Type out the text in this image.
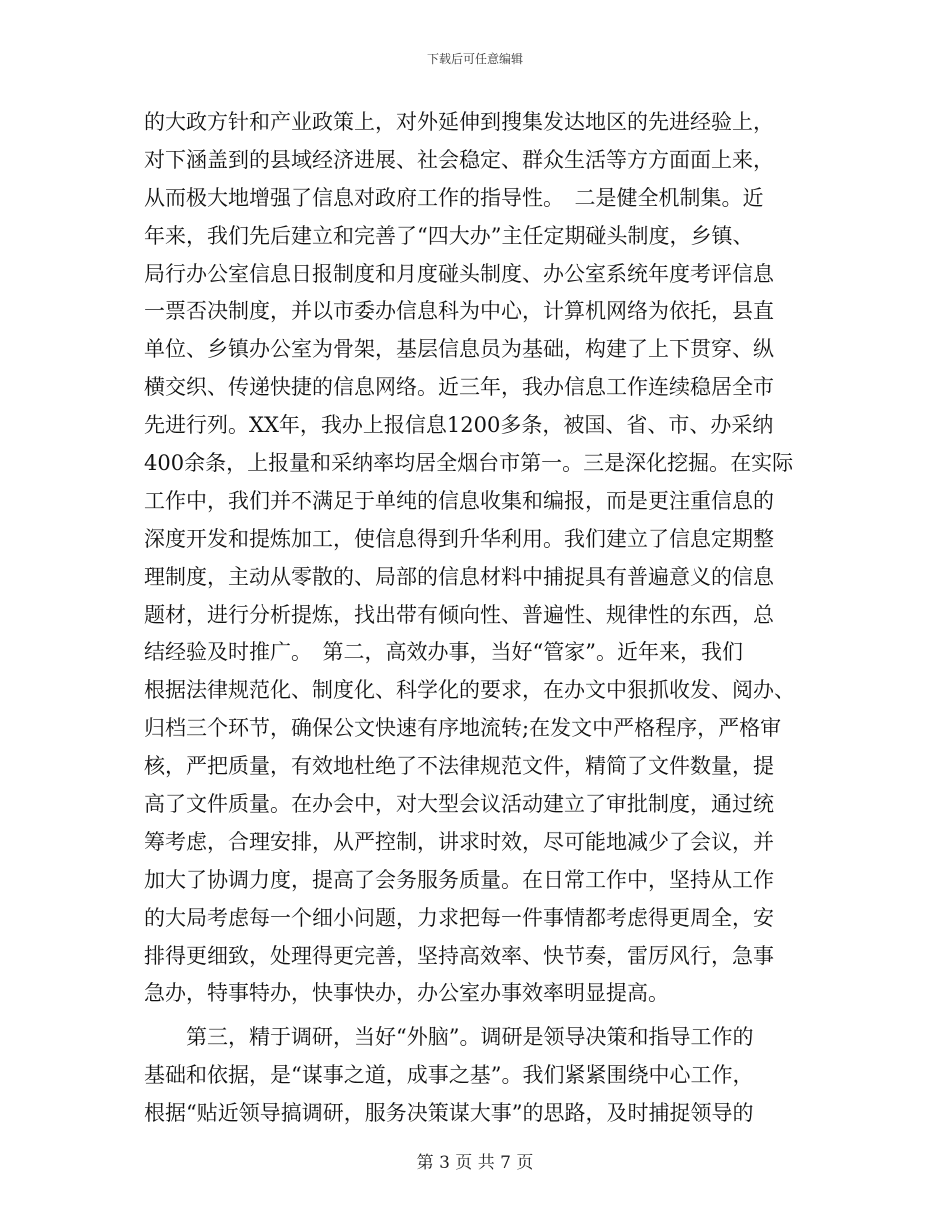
下载后可任意编辑
的大政方针和产业政策上，对外延伸到搜集发达地区的先进经验上，
对下涵盖到的县域经济进展、社会稳定、群众生活等方方面面上来，
从而极大地增强了信息对政府工作的指导性。　二是健全机制集。近
年来，我们先后建立和完善了“四大办”主任定期碰头制度，乡镇、
局行办公室信息日报制度和月度碰头制度、办公室系统年度考评信息
一票否决制度，并以市委办信息科为中心，计算机网络为依托，县直
单位、乡镇办公室为骨架，基层信息员为基础，构建了上下贯穿、纵
横交织、传递快捷的信息网络。近三年，我办信息工作连续稳居全市
先进行列。XX年，我办上报信息1200多条，被国、省、市、办采纳
400余条，上报量和采纳率均居全烟台市第一。三是深化挖掘。在实际
工作中，我们并不满足于单纯的信息收集和编报，而是更注重信息的
深度开发和提炼加工，使信息得到升华利用。我们建立了信息定期整
理制度，主动从零散的、局部的信息材料中捕捉具有普遍意义的信息
题材，进行分析提炼，找出带有倾向性、普遍性、规律性的东西，总
结经验及时推广。　第二，高效办事，当好“管家”。近年来，我们
根据法律规范化、制度化、科学化的要求，在办文中狠抓收发、阅办、
归档三个环节，确保公文快速有序地流转;在发文中严格程序，严格审
核，严把质量，有效地杜绝了不法律规范文件，精简了文件数量，提
高了文件质量。在办会中，对大型会议活动建立了审批制度，通过统
筹考虑，合理安排，从严控制，讲求时效，尽可能地减少了会议，并
加大了协调力度，提高了会务服务质量。在日常工作中，坚持从工作
的大局考虑每一个细小问题，力求把每一件事情都考虑得更周全，安
排得更细致，处理得更完善，坚持高效率、快节奏，雷厉风行，急事
急办，特事特办，快事快办，办公室办事效率明显提高。
第三，精于调研，当好“外脑”。调研是领导决策和指导工作的
基础和依据，是“谋事之道，成事之基”。我们紧紧围绕中心工作，
根据“贴近领导搞调研，服务决策谋大事”的思路，及时捕捉领导的
第 3 页 共 7 页
